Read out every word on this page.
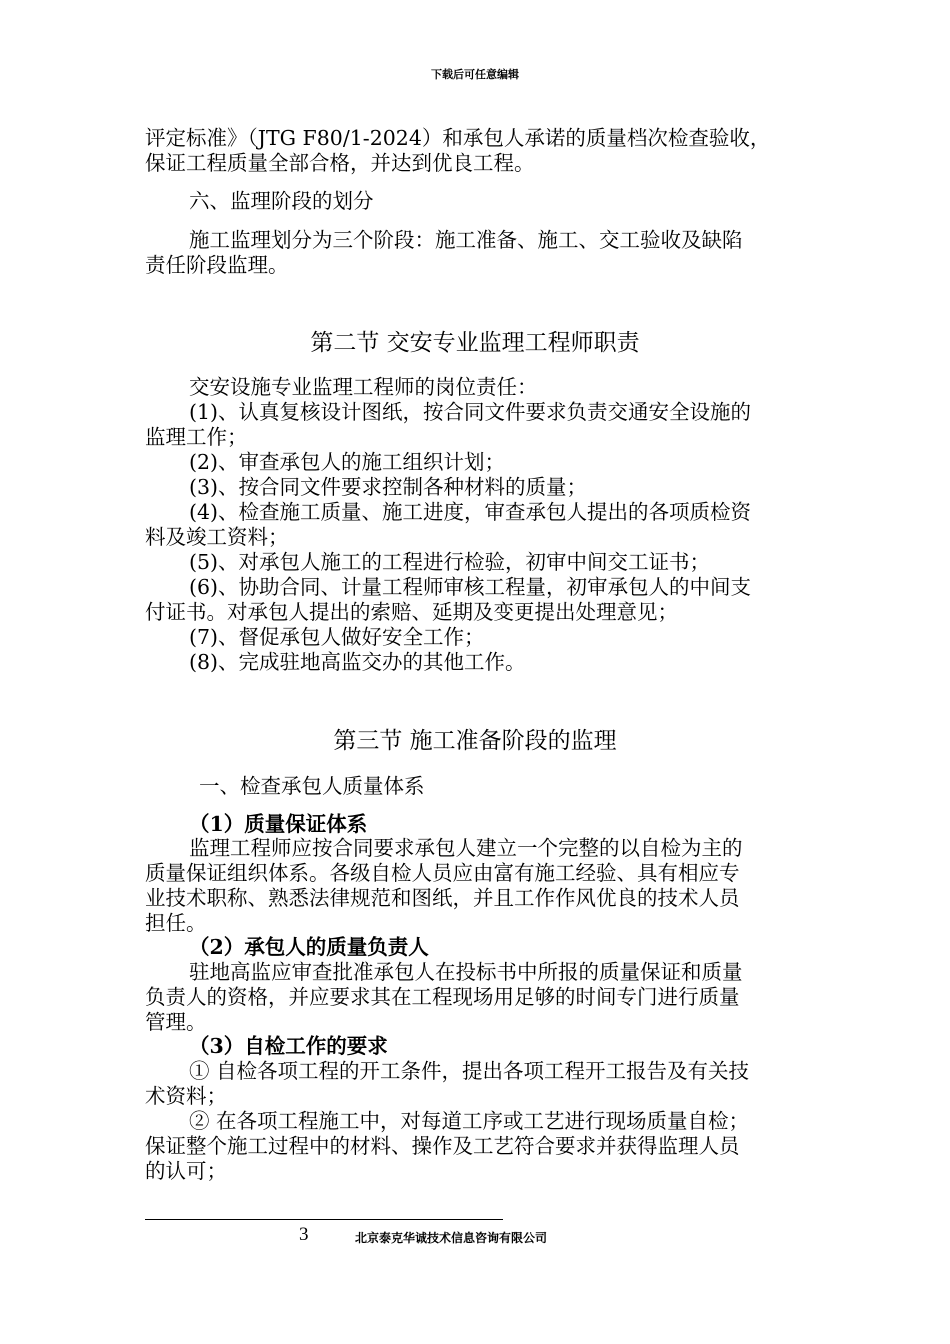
下载后可任意编辑
评定标准》（JTG F80/1-2024）和承包人承诺的质量档次检查验收，
保证工程质量全部合格，并达到优良工程。
六、监理阶段的划分
施工监理划分为三个阶段：施工准备、施工、交工验收及缺陷
责任阶段监理。
第二节 交安专业监理工程师职责
交安设施专业监理工程师的岗位责任：
(1)、认真复核设计图纸，按合同文件要求负责交通安全设施的
监理工作；
(2)、审查承包人的施工组织计划；
(3)、按合同文件要求控制各种材料的质量；
(4)、检查施工质量、施工进度，审查承包人提出的各项质检资
料及竣工资料；
(5)、对承包人施工的工程进行检验，初审中间交工证书；
(6)、协助合同、计量工程师审核工程量，初审承包人的中间支
付证书。对承包人提出的索赔、延期及变更提出处理意见；
(7)、督促承包人做好安全工作；
(8)、完成驻地高监交办的其他工作。
第三节 施工准备阶段的监理
一、检查承包人质量体系
（1）质量保证体系
监理工程师应按合同要求承包人建立一个完整的以自检为主的
质量保证组织体系。各级自检人员应由富有施工经验、具有相应专
业技术职称、熟悉法律规范和图纸，并且工作作风优良的技术人员
担任。
（2）承包人的质量负责人
驻地高监应审查批准承包人在投标书中所报的质量保证和质量
负责人的资格，并应要求其在工程现场用足够的时间专门进行质量
管理。
（3）自检工作的要求
① 自检各项工程的开工条件，提出各项工程开工报告及有关技
术资料；
② 在各项工程施工中，对每道工序或工艺进行现场质量自检；
保证整个施工过程中的材料、操作及工艺符合要求并获得监理人员
的认可；
3	北京泰克华诚技术信息咨询有限公司
